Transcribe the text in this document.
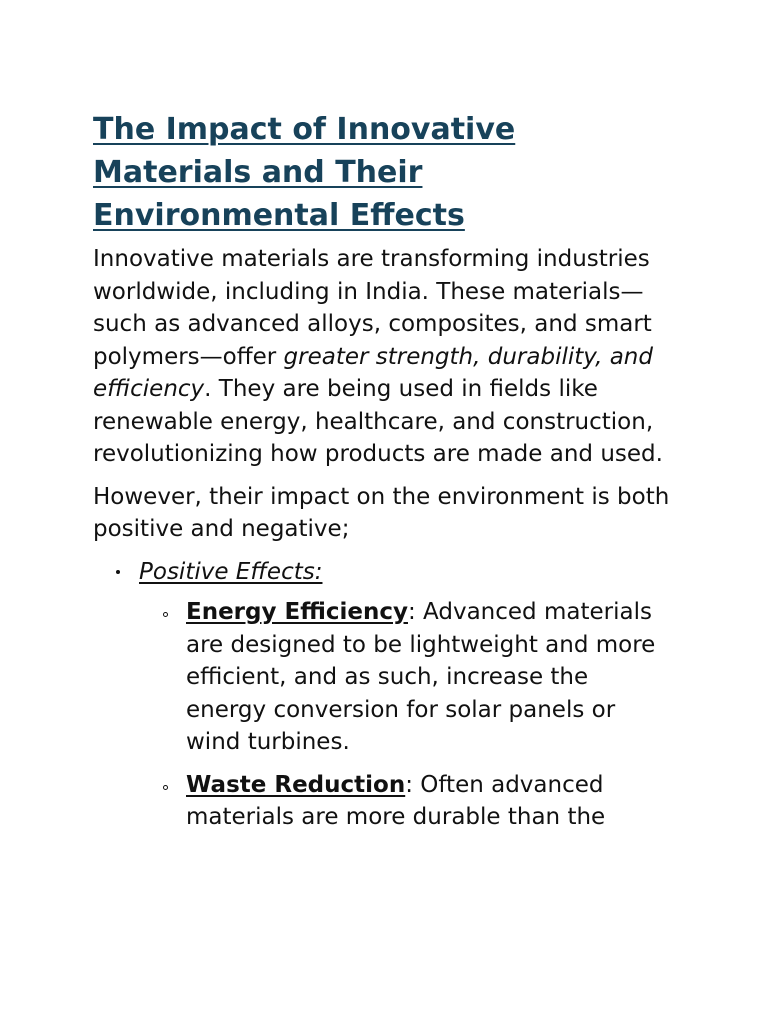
The Impact of Innovative Materials and Their Environmental Effects

Innovative materials are transforming industries worldwide, including in India. These materials—such as advanced alloys, composites, and smart polymers—offer greater strength, durability, and efficiency. They are being used in fields like renewable energy, healthcare, and construction, revolutionizing how products are made and used.

However, their impact on the environment is both positive and negative;

Positive Effects:
Energy Efficiency: Advanced materials are designed to be lightweight and more efficient, and as such, increase the energy conversion for solar panels or wind turbines.
Waste Reduction: Often advanced materials are more durable than the
